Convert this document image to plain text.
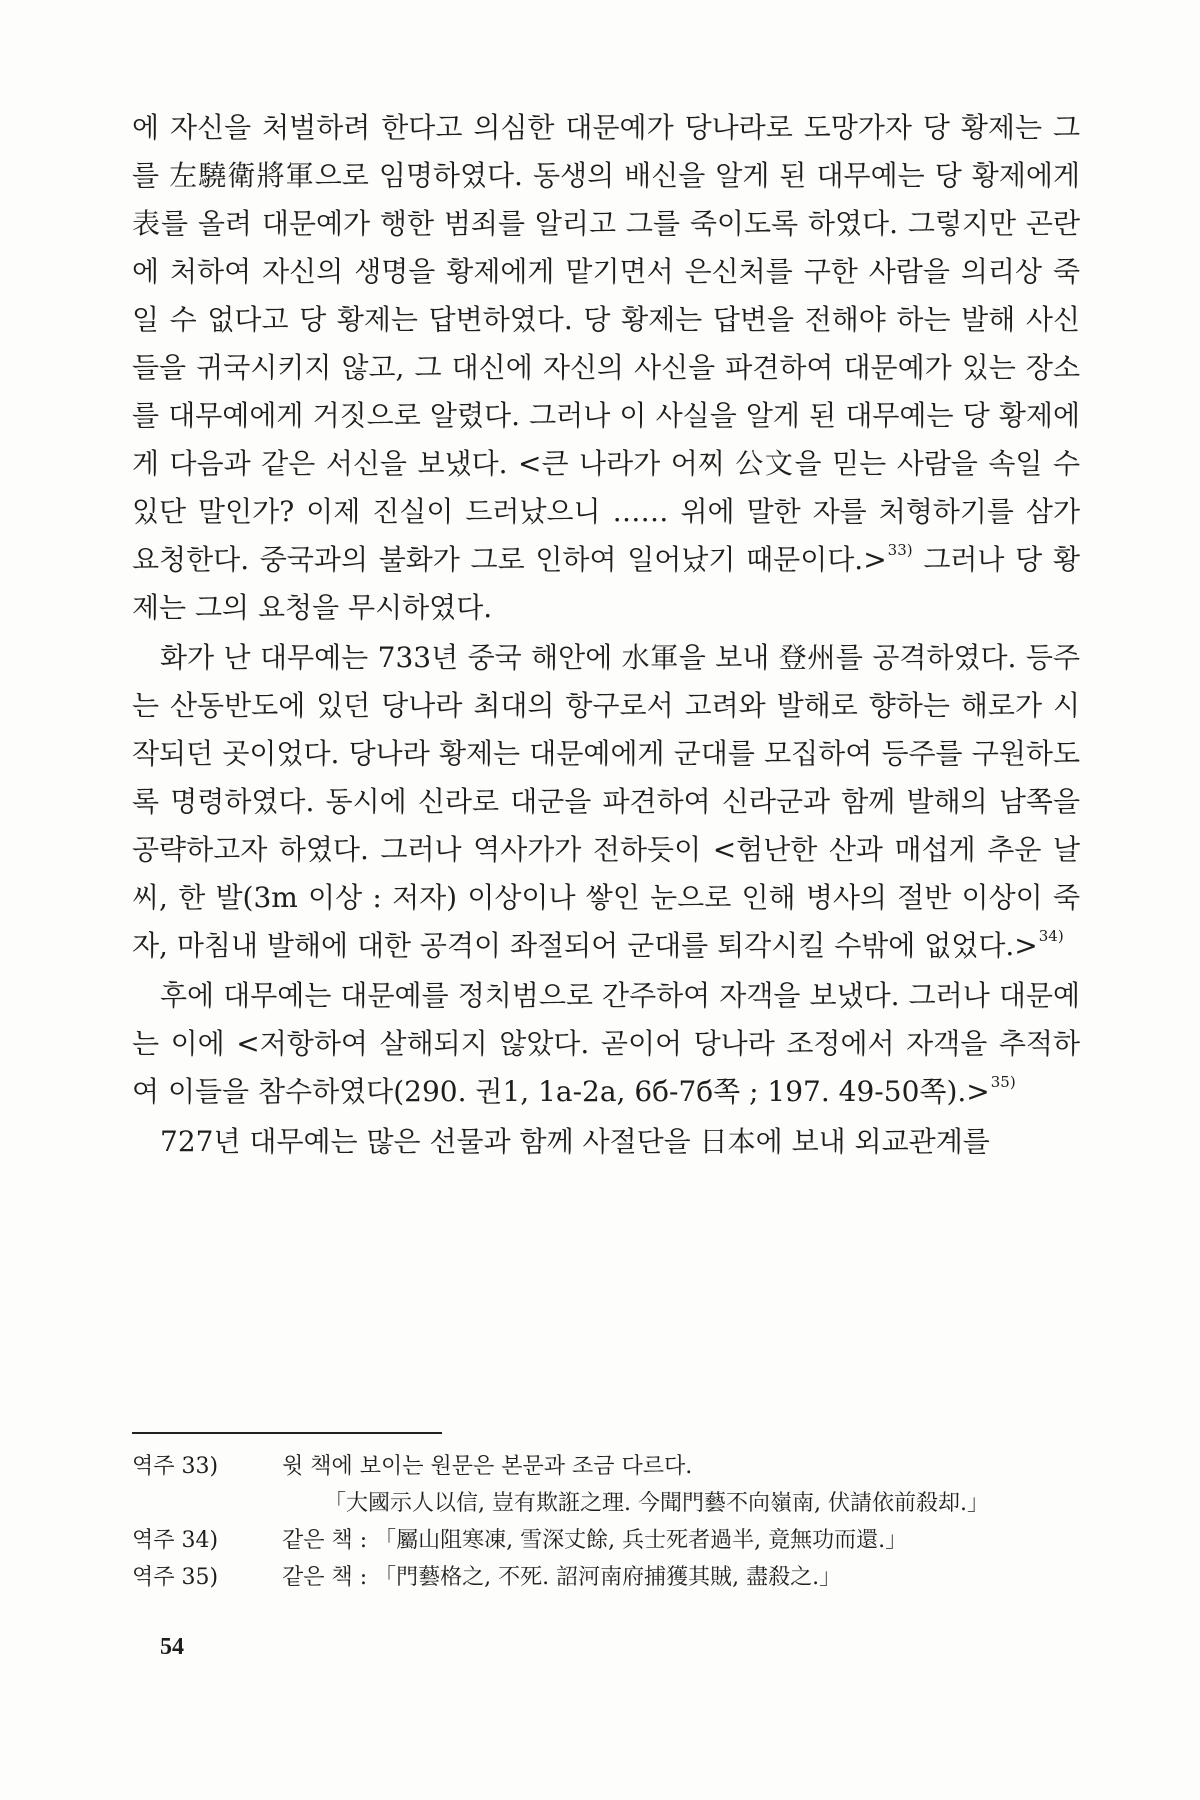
에 자신을 처벌하려 한다고 의심한 대문예가 당나라로 도망가자 당 황제는 그를 左驍衛將軍으로 임명하였다. 동생의 배신을 알게 된 대무예는 당 황제에게 表를 올려 대문예가 행한 범죄를 알리고 그를 죽이도록 하였다. 그렇지만 곤란에 처하여 자신의 생명을 황제에게 맡기면서 은신처를 구한 사람을 의리상 죽일 수 없다고 당 황제는 답변하였다. 당 황제는 답변을 전해야 하는 발해 사신들을 귀국시키지 않고, 그 대신에 자신의 사신을 파견하여 대문예가 있는 장소를 대무예에게 거짓으로 알렸다. 그러나 이 사실을 알게 된 대무예는 당 황제에게 다음과 같은 서신을 보냈다. <큰 나라가 어찌 公文을 믿는 사람을 속일 수 있단 말인가? 이제 진실이 드러났으니 …… 위에 말한 자를 처형하기를 삼가 요청한다. 중국과의 불화가 그로 인하여 일어났기 때문이다.>$^{33)}$ 그러나 당 황제는 그의 요청을 무시하였다.

화가 난 대무예는 733년 중국 해안에 水軍을 보내 登州를 공격하였다. 등주는 산동반도에 있던 당나라 최대의 항구로서 고려와 발해로 향하는 해로가 시작되던 곳이었다. 당나라 황제는 대문예에게 군대를 모집하여 등주를 구원하도록 명령하였다. 동시에 신라로 대군을 파견하여 신라군과 함께 발해의 남쪽을 공략하고자 하였다. 그러나 역사가가 전하듯이 <험난한 산과 매섭게 추운 날씨, 한 발(3m 이상 : 저자) 이상이나 쌓인 눈으로 인해 병사의 절반 이상이 죽자, 마침내 발해에 대한 공격이 좌절되어 군대를 퇴각시킬 수밖에 없었다.>$^{34)}$

후에 대무예는 대문예를 정치범으로 간주하여 자객을 보냈다. 그러나 대문예는 이에 <저항하여 살해되지 않았다. 곧이어 당나라 조정에서 자객을 추적하여 이들을 참수하였다(290. 권1, 1a-2a, 6б-7б쪽 ; 197. 49-50쪽).>$^{35)}$

727년 대무예는 많은 선물과 함께 사절단을 日本에 보내 외교관계를

역주 33)	윗 책에 보이는 원문은 본문과 조금 다르다.
「大國示人以信, 豈有欺誑之理. 今聞門藝不向嶺南, 伏請依前殺却.」
역주 34)	같은 책 : 「屬山阻寒凍, 雪深丈餘, 兵士死者過半, 竟無功而還.」
역주 35)	같은 책 : 「門藝格之, 不死. 詔河南府捕獲其賊, 盡殺之.」
54
